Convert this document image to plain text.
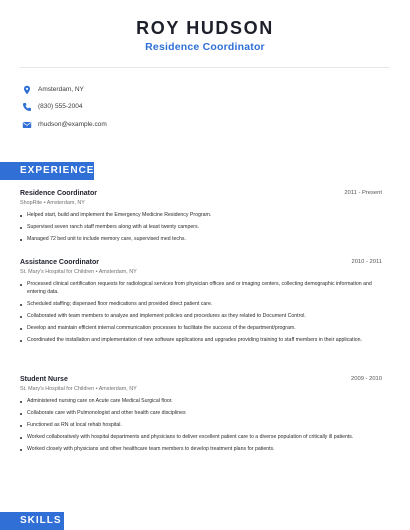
ROY HUDSON
Residence Coordinator
Amsterdam, NY
(830) 555-2004
rhudson@example.com
EXPERIENCE
Residence Coordinator	2011 - Present
ShopRite • Amsterdam, NY
Helped start, build and implement the Emergency Medicine Residency Program.
Supervised seven ranch staff members along with at least twenty campers.
Managed 72 bed unit to include memory care, supervised med techs.
Assistance Coordinator	2010 - 2011
St. Mary's Hospital for Children • Amsterdam, NY
Processed clinical certification requests for radiological services from physician offices and or imaging centers, collecting demographic information and entering data.
Scheduled staffing; dispensed floor medications and provided direct patient care.
Collaborated with team members to analyze and implement policies and procedures as they related to Document Control.
Develop and maintain efficient internal communication processes to facilitate the success of the department/program.
Coordinated the installation and implementation of new software applications and upgrades providing training to staff members in their application.
Student Nurse	2009 - 2010
St. Mary's Hospital for Children • Amsterdam, NY
Administered nursing care on Acute care Medical Surgical floor.
Collaborate care with Pulmonologist and other health care disciplines
Functioned as RN at local rehab hospital.
Worked collaboratively with hospital departments and physicians to deliver excellent patient care to a diverse population of critically ill patients.
Worked closely with physicians and other healthcare team members to develop treatment plans for patients.
SKILLS
